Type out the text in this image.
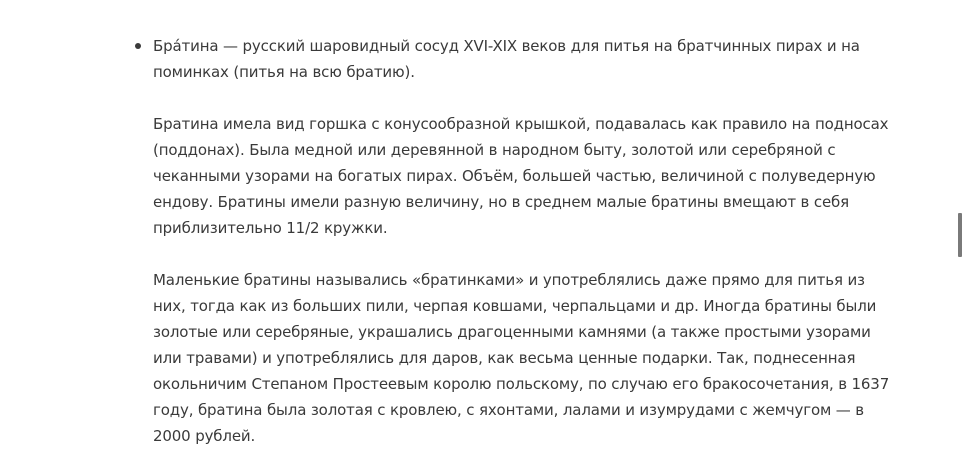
Бра́тина — русский шаровидный сосуд XVI-XIX веков для питья на братчинных пирах и на
поминках (питья на всю братию).

Братина имела вид горшка с конусообразной крышкой, подавалась как правило на подносах
(поддонах). Была медной или деревянной в народном быту, золотой или серебряной с
чеканными узорами на богатых пирах. Объём, большей частью, величиной с полуведерную
ендову. Братины имели разную величину, но в среднем малые братины вмещают в себя
приблизительно 11/2 кружки.

Маленькие братины назывались «братинками» и употреблялись даже прямо для питья из
них, тогда как из больших пили, черпая ковшами, черпальцами и др. Иногда братины были
золотые или серебряные, украшались драгоценными камнями (а также простыми узорами
или травами) и употреблялись для даров, как весьма ценные подарки. Так, поднесенная
окольничим Степаном Простеевым королю польскому, по случаю его бракосочетания, в 1637
году, братина была золотая с кровлею, с яхонтами, лалами и изумрудами с жемчугом — в
2000 рублей.
